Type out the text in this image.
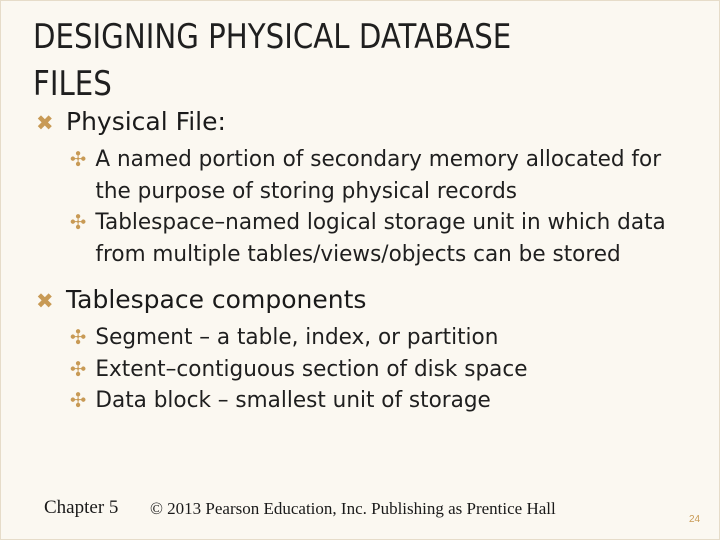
DESIGNING PHYSICAL DATABASE FILES
✖ Physical File:
✣ A named portion of secondary memory allocated for the purpose of storing physical records
✣ Tablespace–named logical storage unit in which data from multiple tables/views/objects can be stored
✖ Tablespace components
✣ Segment – a table, index, or partition
✣ Extent–contiguous section of disk space
✣ Data block – smallest unit of storage
Chapter 5 © 2013 Pearson Education, Inc. Publishing as Prentice Hall
24
